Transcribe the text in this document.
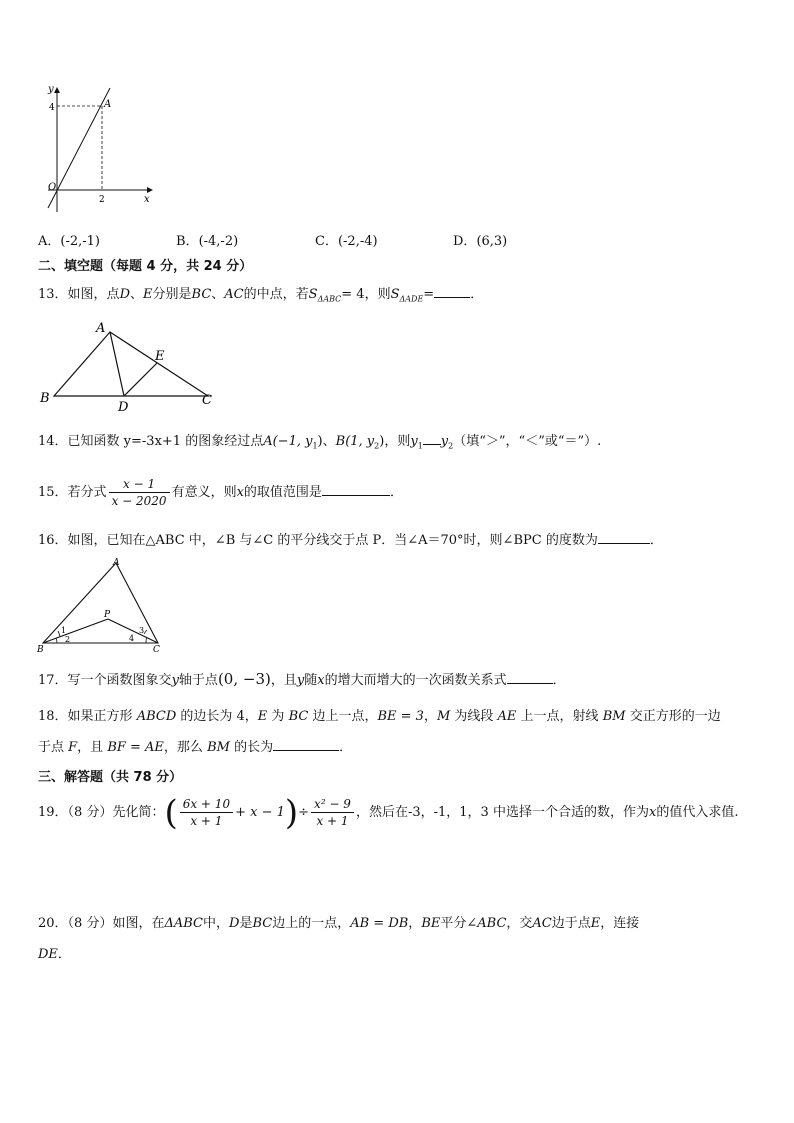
y
x
O
A
4
2
A．(-2,-1)	B．(-4,-2)	C．(-2,-4)	D．(6,3)
二、填空题（每题 4 分，共 24 分）
13．如图，点D、E分别是BC、AC的中点，若$S_{\Delta ABC}= 4$，则$S_{\Delta ADE}=$	．
A
B	C
D
E
14．已知函数 y=-3x+1 的图象经过点A(−1, $y_1$)、B(1, $y_2$)，则$y_1$ $y_2$（填“＞”，“＜”或“＝”）.
15．若分式 $\frac{x - 1}{x - 2020}$ 有意义，则x的取值范围是	．
16．如图，已知在△ABC 中，∠B 与∠C 的平分线交于点 P．当∠A＝70°时，则∠BPC 的度数为	．
A
B	C
P
1
2
3
4
17．写一个函数图象交y轴于点(0, −3)，且y随x的增大而增大的一次函数关系式	．
18．如果正方形 ABCD 的边长为 4，E 为 BC 边上一点，BE = 3，M 为线段 AE 上一点，射线 BM 交正方形的一边
于点 F，且 BF = AE，那么 BM 的长为	．
三、解答题（共 78 分）
19．（8 分）先化简：( $\frac{6x + 10}{x + 1} + x - 1)\div \frac{\text{x² − 9}}{x + 1}$ ，然后在-3，-1，1，3 中选择一个合适的数，作为x的值代入求值.
20．（8 分）如图，在ΔABC中，D是BC边上的一点，AB = DB，BE平分∠ABC，交AC边于点E，连接
DE．
